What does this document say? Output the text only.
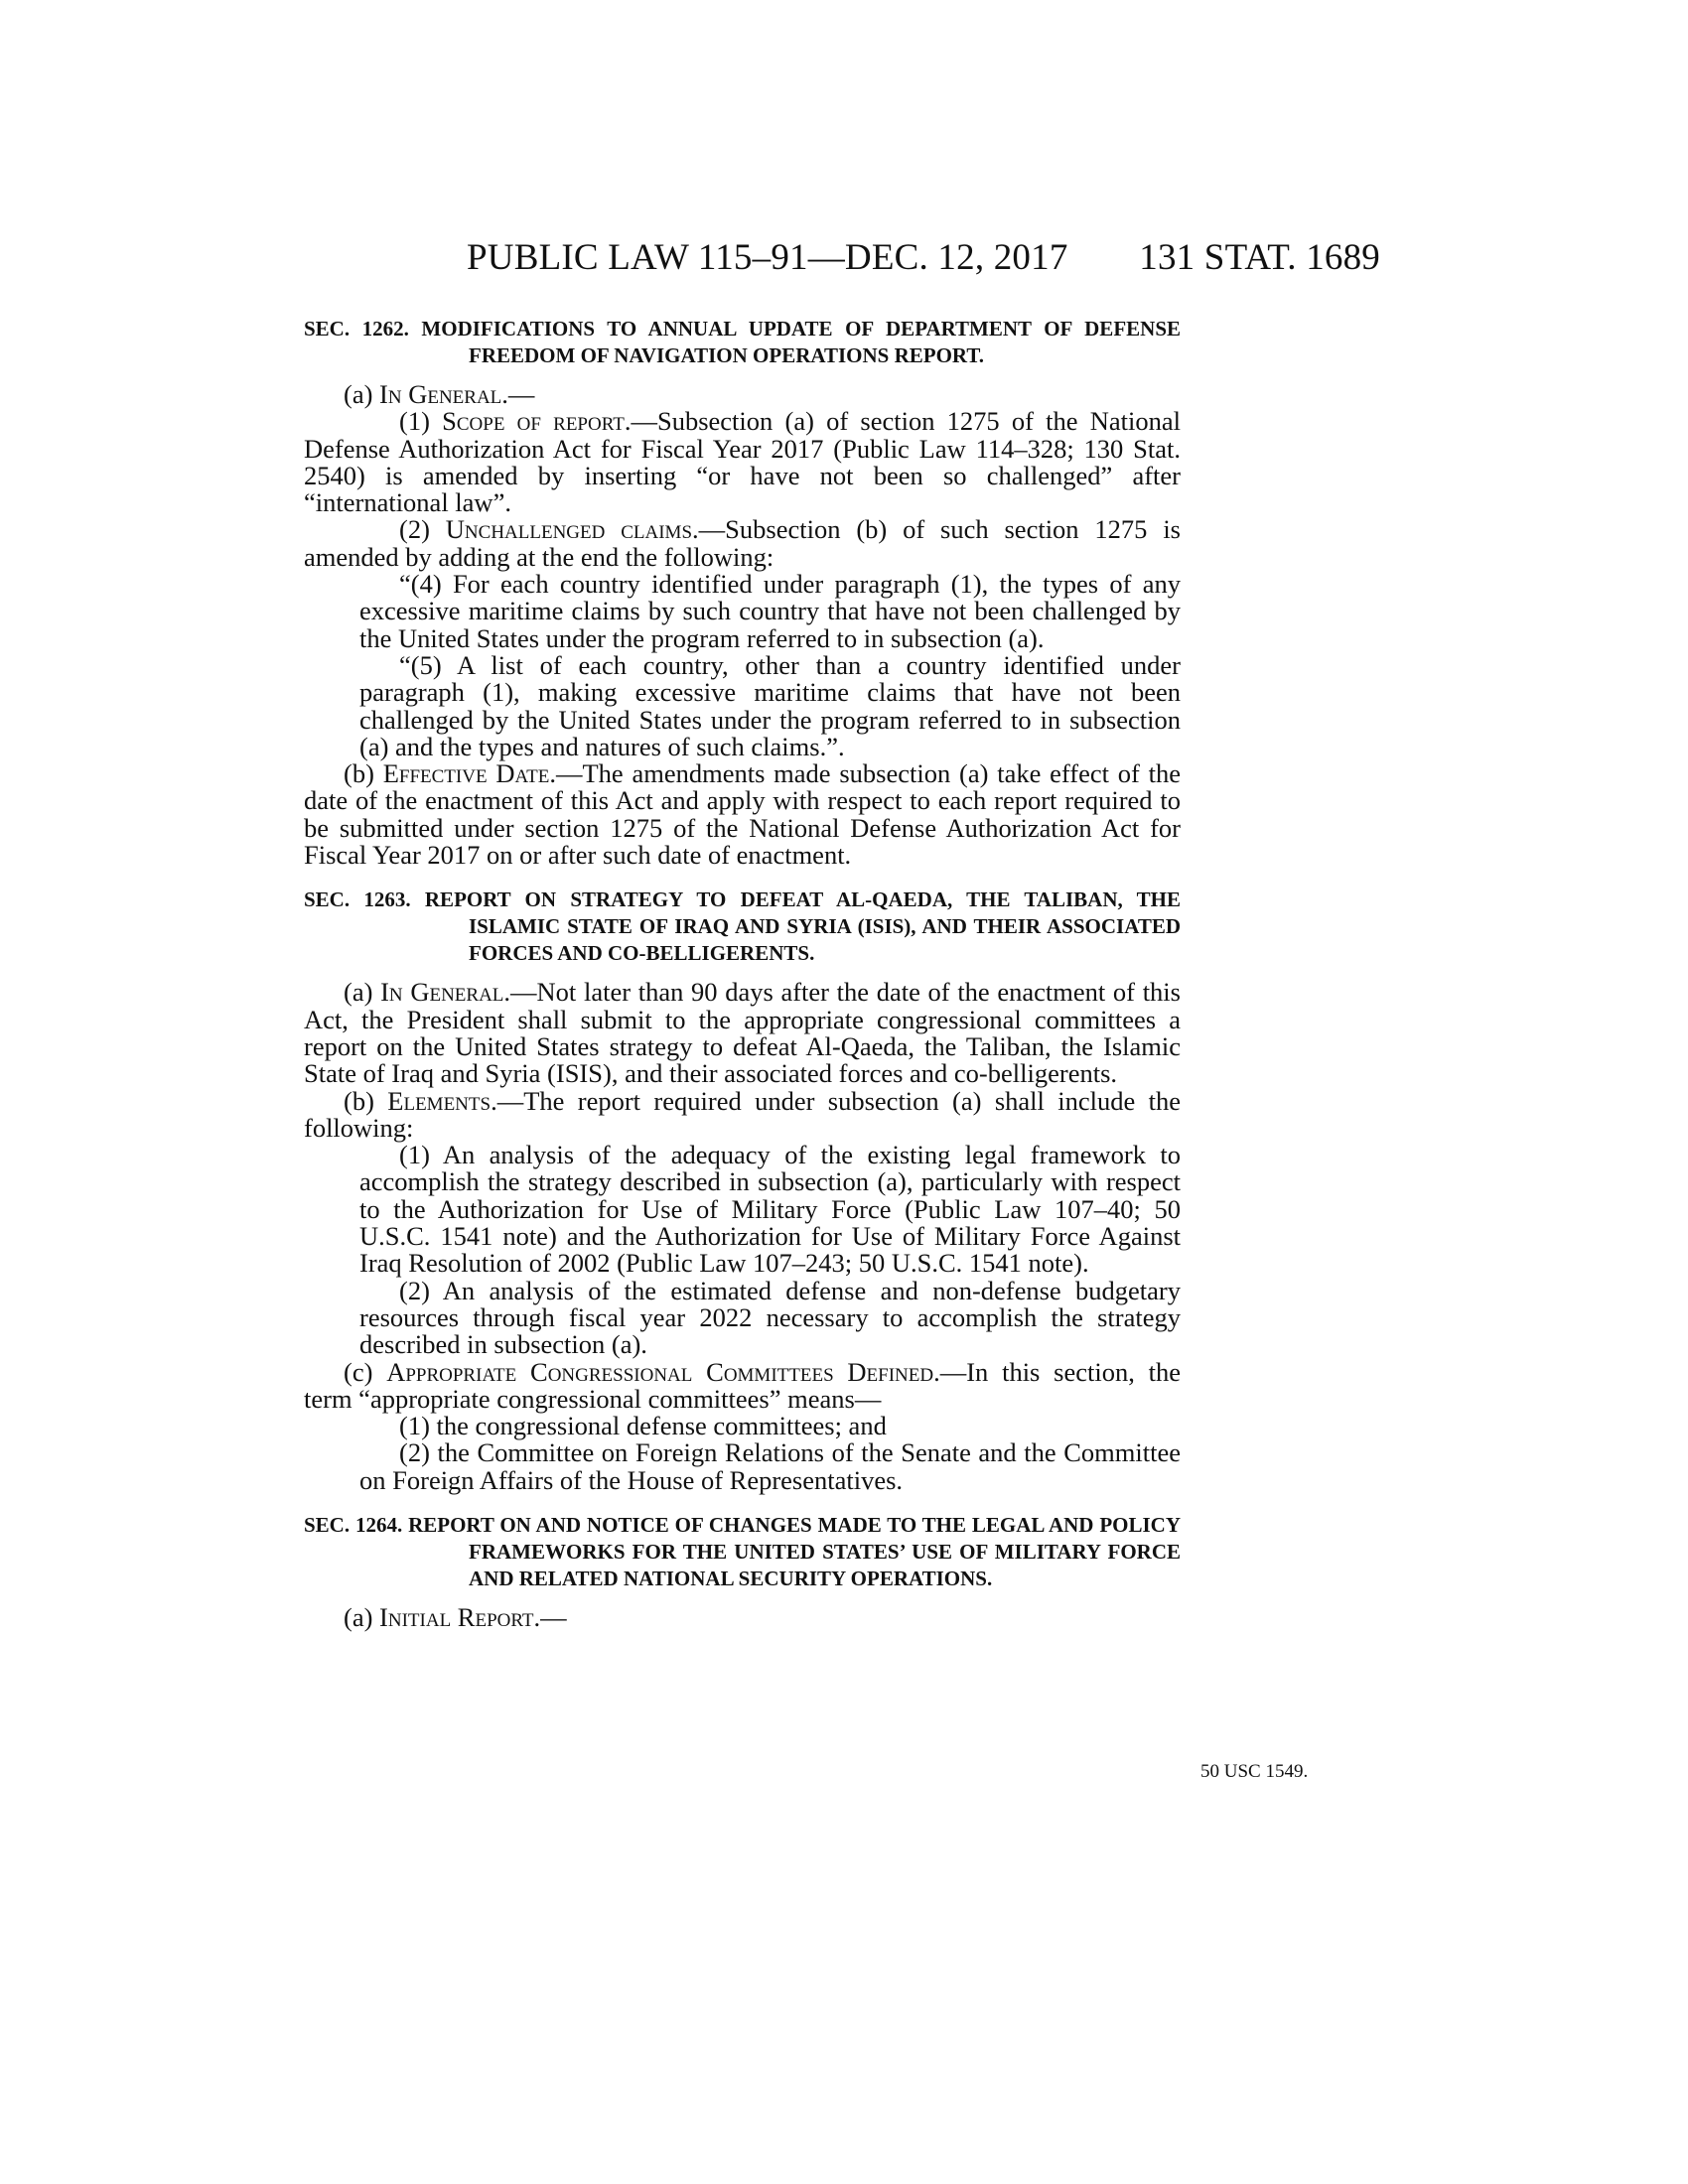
PUBLIC LAW 115–91—DEC. 12, 2017 131 STAT. 1689

SEC. 1262. MODIFICATIONS TO ANNUAL UPDATE OF DEPARTMENT OF DEFENSE FREEDOM OF NAVIGATION OPERATIONS REPORT.

(a) In General.—

(1) Scope of report.—Subsection (a) of section 1275 of the National Defense Authorization Act for Fiscal Year 2017 (Public Law 114–328; 130 Stat. 2540) is amended by inserting “or have not been so challenged” after “international law”.

(2) Unchallenged claims.—Subsection (b) of such section 1275 is amended by adding at the end the following:

“(4) For each country identified under paragraph (1), the types of any excessive maritime claims by such country that have not been challenged by the United States under the program referred to in subsection (a).

“(5) A list of each country, other than a country identified under paragraph (1), making excessive maritime claims that have not been challenged by the United States under the program referred to in subsection (a) and the types and natures of such claims.”.

(b) Effective Date.—The amendments made subsection (a) take effect of the date of the enactment of this Act and apply with respect to each report required to be submitted under section 1275 of the National Defense Authorization Act for Fiscal Year 2017 on or after such date of enactment.

SEC. 1263. REPORT ON STRATEGY TO DEFEAT AL-QAEDA, THE TALIBAN, THE ISLAMIC STATE OF IRAQ AND SYRIA (ISIS), AND THEIR ASSOCIATED FORCES AND CO-BELLIGERENTS.

(a) In General.—Not later than 90 days after the date of the enactment of this Act, the President shall submit to the appropriate congressional committees a report on the United States strategy to defeat Al-Qaeda, the Taliban, the Islamic State of Iraq and Syria (ISIS), and their associated forces and co-belligerents.

(b) Elements.—The report required under subsection (a) shall include the following:

(1) An analysis of the adequacy of the existing legal framework to accomplish the strategy described in subsection (a), particularly with respect to the Authorization for Use of Military Force (Public Law 107–40; 50 U.S.C. 1541 note) and the Authorization for Use of Military Force Against Iraq Resolution of 2002 (Public Law 107–243; 50 U.S.C. 1541 note).

(2) An analysis of the estimated defense and non-defense budgetary resources through fiscal year 2022 necessary to accomplish the strategy described in subsection (a).

(c) Appropriate Congressional Committees Defined.—In this section, the term “appropriate congressional committees” means—

(1) the congressional defense committees; and

(2) the Committee on Foreign Relations of the Senate and the Committee on Foreign Affairs of the House of Representatives.

SEC. 1264. REPORT ON AND NOTICE OF CHANGES MADE TO THE LEGAL AND POLICY FRAMEWORKS FOR THE UNITED STATES’ USE OF MILITARY FORCE AND RELATED NATIONAL SECURITY OPERATIONS.

(a) Initial Report.—

50 USC 1549.
